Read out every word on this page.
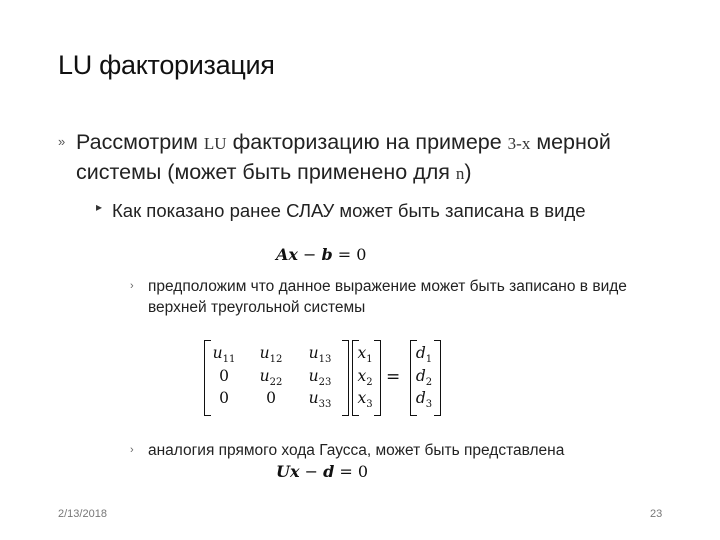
LU факторизация
» Рассмотрим LU факторизацию на примере 3-х мерной системы (может быть применено для n)
▸ Как показано ранее СЛАУ может быть записана в виде
Ax − b = 0
› предположим что данное выражение может быть записано в виде верхней треугольной системы
$u_{11}$	$u_{12}$	$u_{13}$
0	$u_{22}$	$u_{23}$
0	0	$u_{33}$
$x_1$
$x_2$
$x_3$
=
$d_1$
$d_2$
$d_3$
› аналогия прямого хода Гаусса, может быть представлена
Ux − d = 0
2/13/2018	23
